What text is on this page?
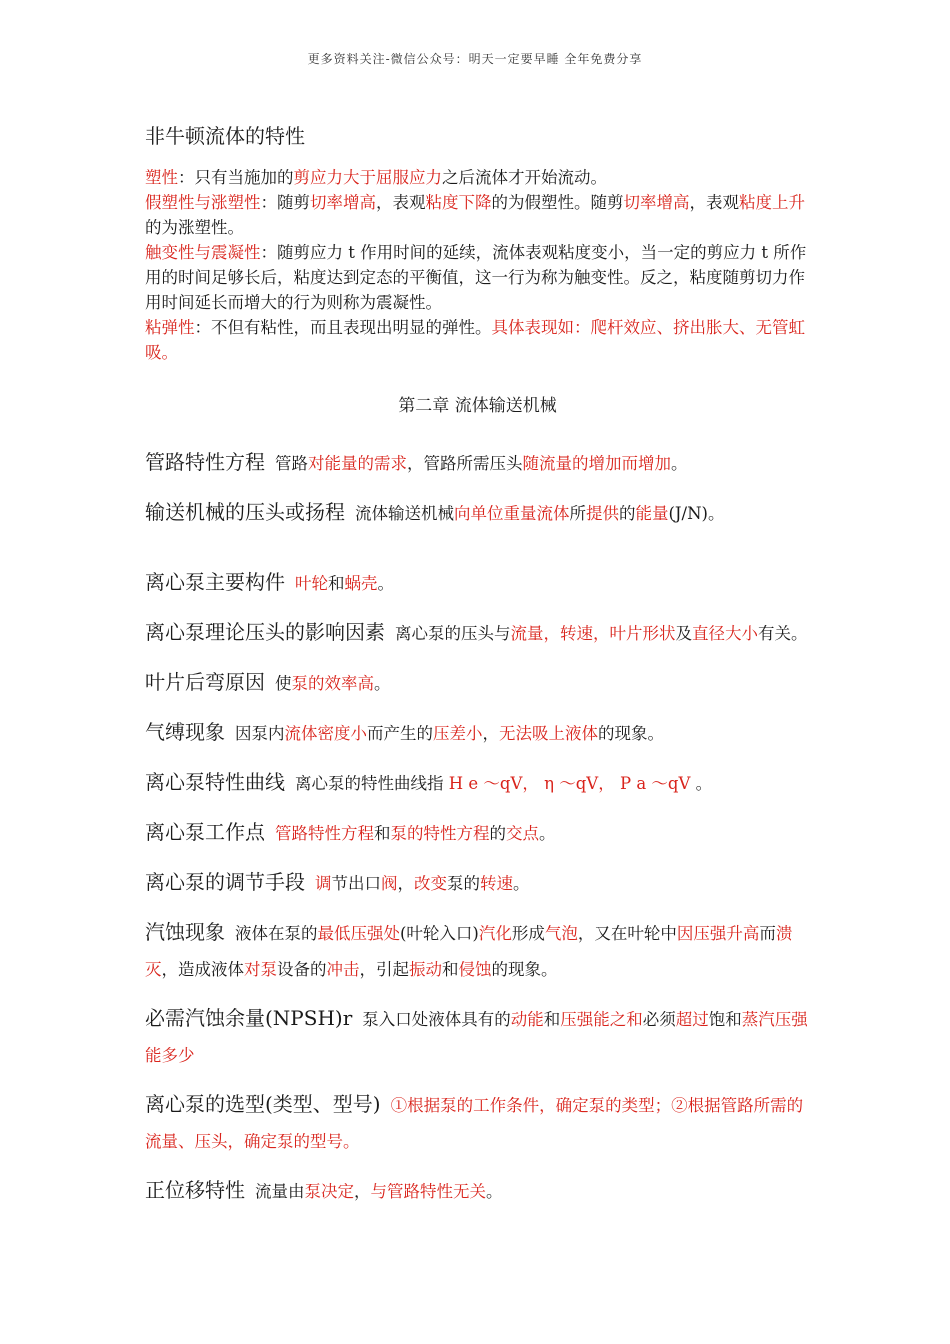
更多资料关注-微信公众号：明天一定要早睡 全年免费分享
非牛顿流体的特性

塑性：只有当施加的剪应力大于屈服应力之后流体才开始流动。

假塑性与涨塑性：随剪切率增高，表观粘度下降的为假塑性。随剪切率增高，表观粘度上升的为涨塑性。

触变性与震凝性：随剪应力 t 作用时间的延续，流体表观粘度变小，当一定的剪应力 t 所作用的时间足够长后，粘度达到定态的平衡值，这一行为称为触变性。反之，粘度随剪切力作用时间延长而增大的行为则称为震凝性。

粘弹性：不但有粘性，而且表现出明显的弹性。具体表现如：爬杆效应、挤出胀大、无管虹吸。

第二章 流体输送机械
管路特性方程 管路对能量的需求，管路所需压头随流量的增加而增加。
输送机械的压头或扬程 流体输送机械向单位重量流体所提供的能量(J/N)。
离心泵主要构件 叶轮和蜗壳。
离心泵理论压头的影响因素 离心泵的压头与流量，转速，叶片形状及直径大小有关。
叶片后弯原因 使泵的效率高。
气缚现象 因泵内流体密度小而产生的压差小，无法吸上液体的现象。
离心泵特性曲线 离心泵的特性曲线指 H e ～qV， η ～qV， P a ～qV 。
离心泵工作点 管路特性方程和泵的特性方程的交点。
离心泵的调节手段 调节出口阀，改变泵的转速。
汽蚀现象 液体在泵的最低压强处(叶轮入口)汽化形成气泡，又在叶轮中因压强升高而溃灭，造成液体对泵设备的冲击，引起振动和侵蚀的现象。
必需汽蚀余量(NPSH)r 泵入口处液体具有的动能和压强能之和必须超过饱和蒸汽压强能多少
离心泵的选型(类型、型号) ①根据泵的工作条件，确定泵的类型；②根据管路所需的流量、压头，确定泵的型号。
正位移特性 流量由泵决定，与管路特性无关。
